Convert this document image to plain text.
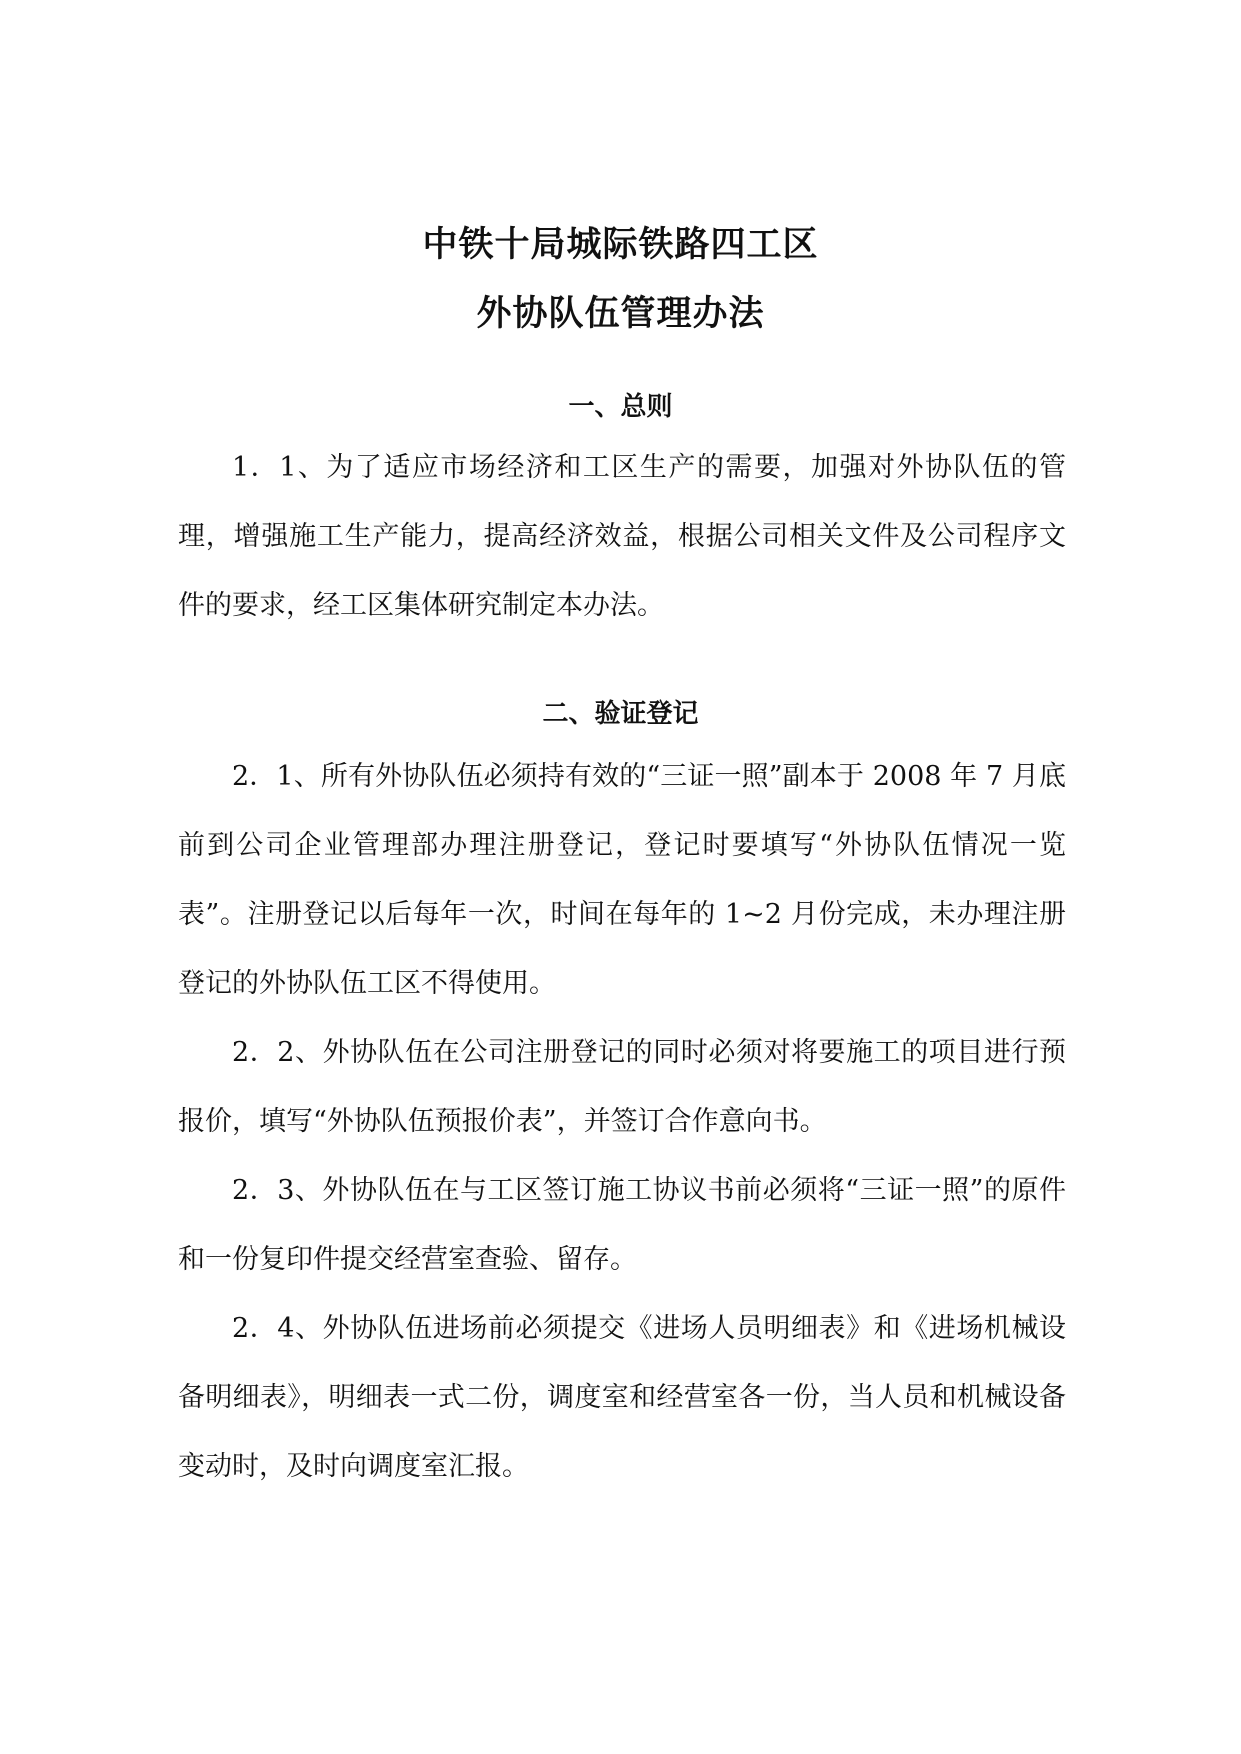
中铁十局城际铁路四工区
外协队伍管理办法
一、总则

1．1、为了适应市场经济和工区生产的需要，加强对外协队伍的管理，增强施工生产能力，提高经济效益，根据公司相关文件及公司程序文件的要求，经工区集体研究制定本办法。

二、验证登记

2．1、所有外协队伍必须持有效的“三证一照”副本于 2008 年 7 月底前到公司企业管理部办理注册登记，登记时要填写“外协队伍情况一览表”。注册登记以后每年一次，时间在每年的 1~2 月份完成，未办理注册登记的外协队伍工区不得使用。

2．2、外协队伍在公司注册登记的同时必须对将要施工的项目进行预报价，填写“外协队伍预报价表”，并签订合作意向书。

2．3、外协队伍在与工区签订施工协议书前必须将“三证一照”的原件和一份复印件提交经营室查验、留存。

2．4、外协队伍进场前必须提交《进场人员明细表》和《进场机械设备明细表》，明细表一式二份，调度室和经营室各一份，当人员和机械设备变动时，及时向调度室汇报。
